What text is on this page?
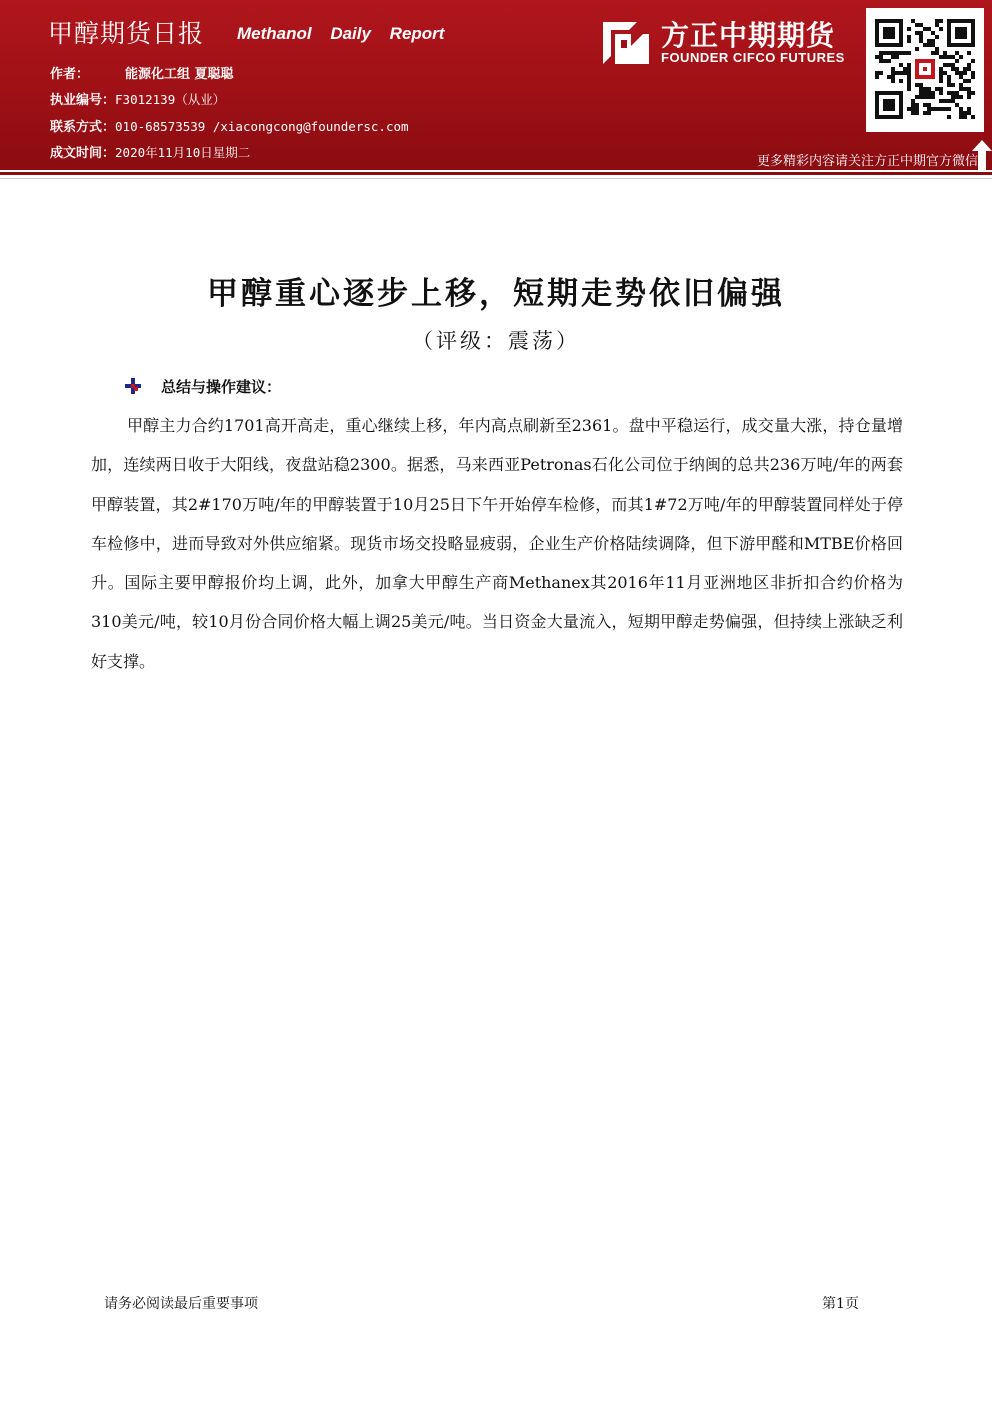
甲醇期货日报 Methanol Daily Report
作者：	能源化工组 夏聪聪
执业编号：F3012139（从业）
联系方式：010-68573539 /xiacongcong@foundersc.com
成文时间：2020年11月10日星期二
方正中期期货
FOUNDER CIFCO FUTURES
更多精彩内容请关注方正中期官方微信
甲醇重心逐步上移，短期走势依旧偏强
（评级：震荡）
总结与操作建议：

甲醇主力合约1701高开高走，重心继续上移，年内高点刷新至2361。盘中平稳运行，成交量大涨，持仓量增加，连续两日收于大阳线，夜盘站稳2300。据悉，马来西亚Petronas石化公司位于纳闽的总共236万吨/年的两套甲醇装置，其2#170万吨/年的甲醇装置于10月25日下午开始停车检修，而其1#72万吨/年的甲醇装置同样处于停车检修中，进而导致对外供应缩紧。现货市场交投略显疲弱，企业生产价格陆续调降，但下游甲醛和MTBE价格回升。国际主要甲醇报价均上调，此外，加拿大甲醇生产商Methanex其2016年11月亚洲地区非折扣合约价格为310美元/吨，较10月份合同价格大幅上调25美元/吨。当日资金大量流入，短期甲醇走势偏强，但持续上涨缺乏利好支撑。

请务必阅读最后重要事项	第1页
